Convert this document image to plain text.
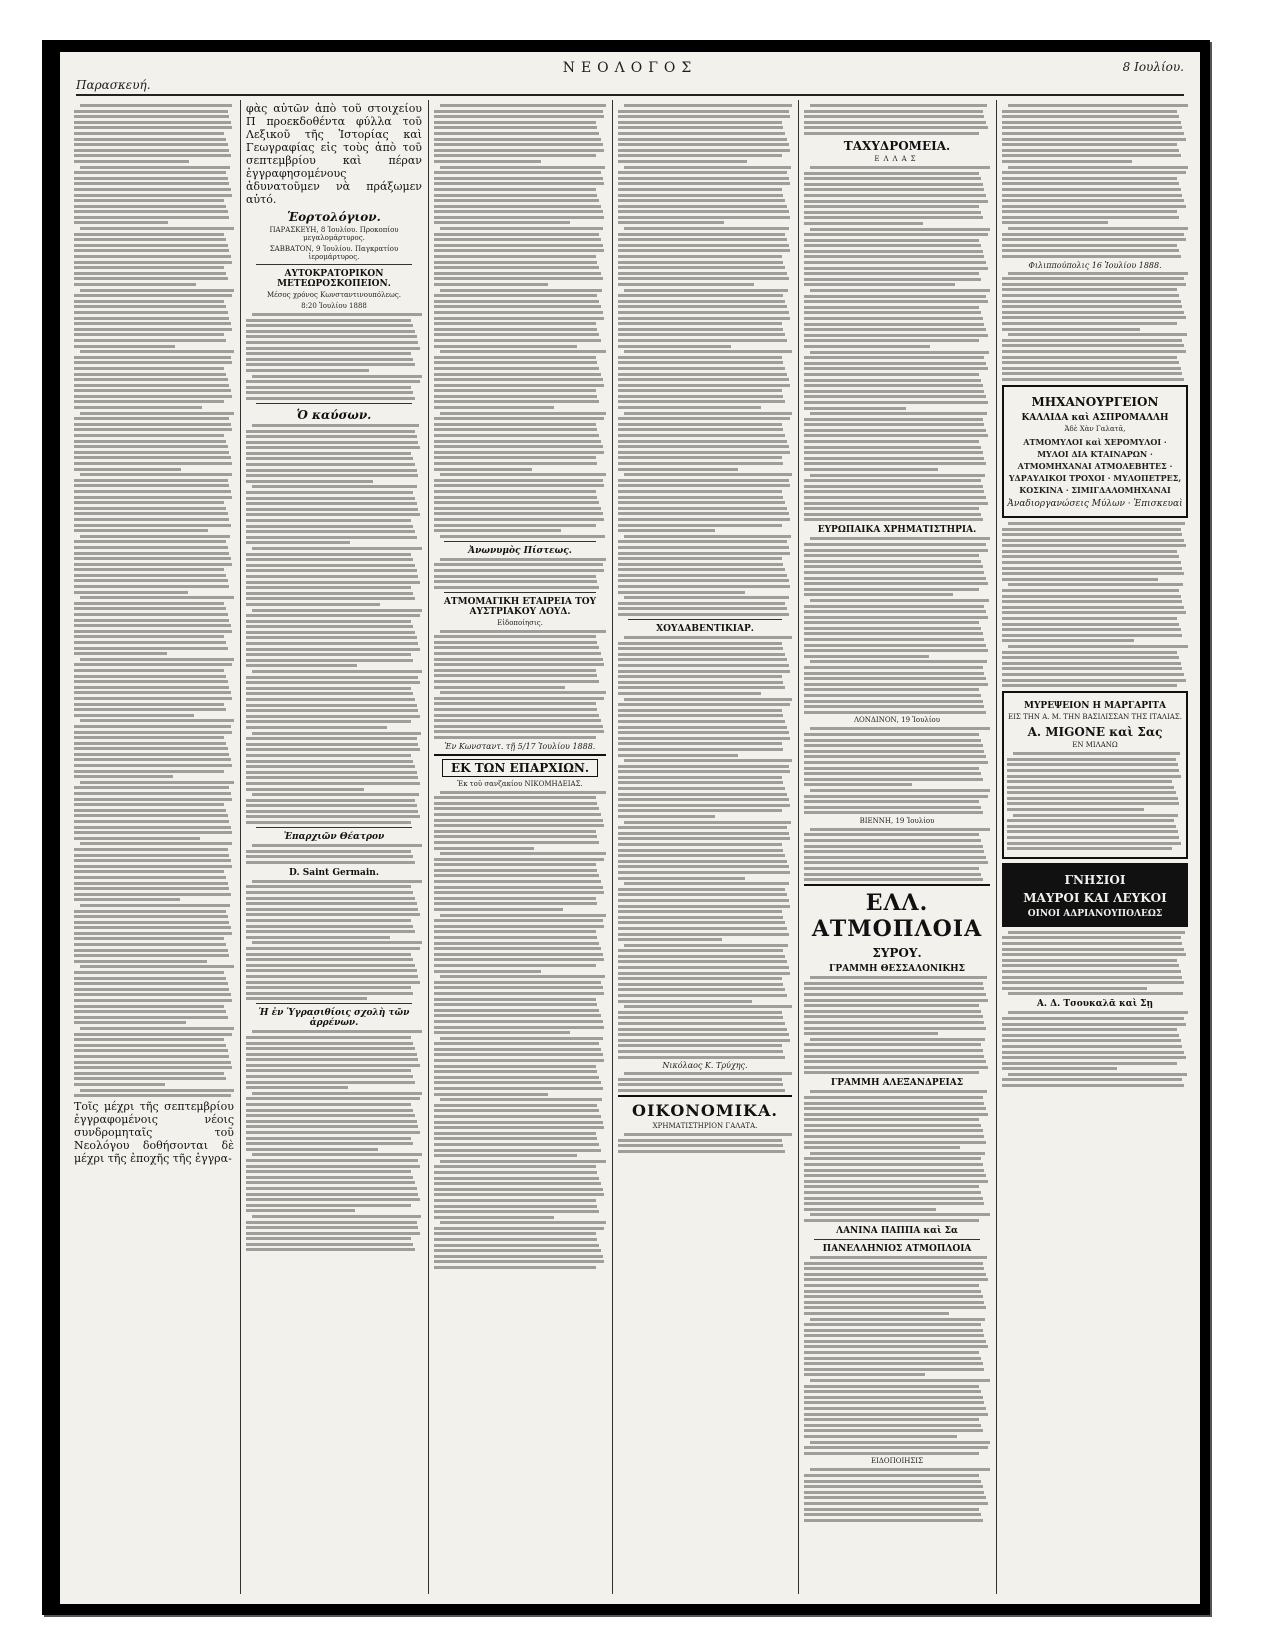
Παρασκευή.
ΝΕΟΛΟΓΟΣ	8 Ιουλίου.
Τοῖς μέχρι τῆς σεπτεμβρίου ἐγγραφομένοις νέοις συνδρομηταῖς τοῦ Νεολόγου δοθήσονται δὲ μέχρι τῆς ἐποχῆς τῆς ἐγγρα-
φὰς αὐτῶν ἀπὸ τοῦ στοιχείου Π προεκδοθέντα φύλλα τοῦ Λεξικοῦ τῆς Ἱστορίας καὶ Γεωγραφίας εἰς τοὺς ἀπὸ τοῦ σεπτεμβρίου καὶ πέραν ἐγγραφησομένους ἀδυνατοῦμεν νὰ πράξωμεν αὐτό.
Ἑορτολόγιον.
ΠΑΡΑΣΚΕΥΗ, 8 Ἰουλίου. Προκοπίου μεγαλομάρτυρος.
ΣΑΒΒΑΤΟΝ, 9 Ἰουλίου. Παγκρατίου ἱερομάρτυρος.
ΑΥΤΟΚΡΑΤΟΡΙΚΟΝ ΜΕΤΕΩΡΟΣΚΟΠΕΙΟΝ.
Μέσος χρόνος Κωνσταντινουπόλεως.
8:20 Ἰουλίου 1888
Ὁ καύσων.
Ἐπαρχιῶν Θέατρον
D. Saint Germain.
Ἡ ἐν Ὑγρασιθίοις σχολὴ τῶν ἀρρένων.
Ἀνωνυμὸς Πίστεως.
ΑΤΜΟΜΑΓΙΚΗ ΕΤΑΙΡΕΙΑ ΤΟΥ ΑΥΣΤΡΙΑΚΟΥ ΛΟΥΔ.
Εἰδοποίησις.
Ἐν Κωνσταντ. τῇ 5/17 Ἰουλίου 1888.
ΕΚ ΤΩΝ ΕΠΑΡΧΙΩΝ.
Ἐκ τοῦ σανζακίου ΝΙΚΟΜΗΔΕΙΑΣ.
ΧΟΥΔΑΒΕΝΤΙΚΙΑΡ.
Νικόλαος Κ. Τρύχης.
ΟΙΚΟΝΟΜΙΚΑ.
ΧΡΗΜΑΤΙΣΤΗΡΙΟΝ ΓΑΛΑΤΑ.
ΤΑΧΥΔΡΟΜΕΙΑ.
ΕΛΛΑΣ
ΕΥΡΩΠΑΙΚΑ ΧΡΗΜΑΤΙΣΤΗΡΙΑ.
ΛΟΝΔΙΝΟΝ, 19 Ἰουλίου
ΒΙΕΝΝΗ, 19 Ἰουλίου
ΕΛΛ. ΑΤΜΟΠΛΟΙΑ
ΣΥΡΟΥ.
ΓΡΑΜΜΗ ΘΕΣΣΑΛΟΝΙΚΗΣ
ΓΡΑΜΜΗ ΑΛΕΞΑΝΔΡΕΙΑΣ
ΛΑΝΙΝΑ ΠΑΠΠΑ καὶ Σα
ΠΑΝΕΛΛΗΝΙΟΣ ΑΤΜΟΠΛΟΙΑ
ΕΙΔΟΠΟΙΗΣΙΣ
Φιλιππούπολις 16 Ἰουλίου 1888.
ΜΗΧΑΝΟΥΡΓΕΙΟΝ
ΚΑΛΛΙΔΑ καὶ ΑΣΠΡΟΜΑΛΛΗ
Ἀδὲ Χὰν Γαλατᾶ,
ΑΤΜΟΜΥΛΟΙ καὶ ΧΕΡΟΜΥΛΟΙ · ΜΥΛΟΙ ΔΙΑ ΚΤΑΙΝΑΡΩΝ · ΑΤΜΟΜΗΧΑΝΑΙ ΑΤΜΟΛΕΒΗΤΕΣ · ΥΔΡΑΥΛΙΚΟΙ ΤΡΟΧΟΙ · ΜΥΛΟΠΕΤΡΕΣ, ΚΟΣΚΙΝΑ · ΣΙΜΙΓΔΑΛΟΜΗΧΑΝΑΙ
Ἀναδιοργανώσεις Μύλων · Ἐπισκευαὶ
ΜΥΡΕΨΕΙΟΝ Η ΜΑΡΓΑΡΙΤΑ
ΕΙΣ ΤΗΝ Α. Μ. ΤΗΝ ΒΑΣΙΛΙΣΣΑΝ ΤΗΣ ΙΤΑΛΙΑΣ.
A. MIGONE καὶ Σας
ΕΝ ΜΙΛΑΝΩ
ΓΝΗΣΙΟΙ
ΜΑΥΡΟΙ ΚΑΙ ΛΕΥΚΟΙ
ΟΙΝΟΙ ΑΔΡΙΑΝΟΥΠΟΛΕΩΣ
Α. Δ. Τσουκαλᾶ καὶ Σῃ
